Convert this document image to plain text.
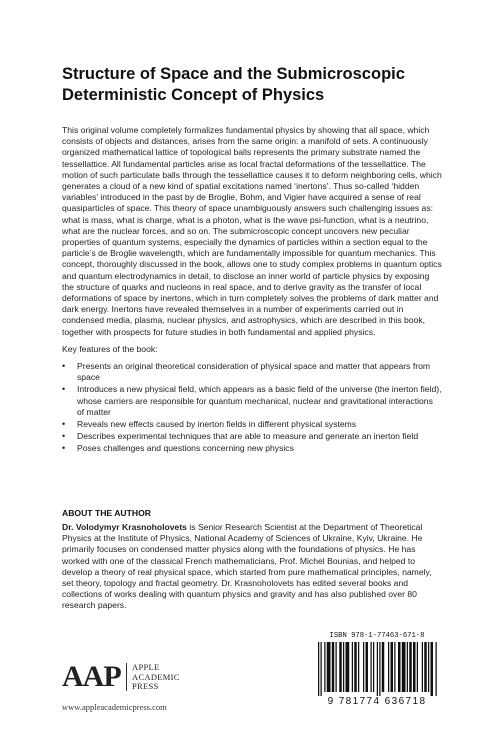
Structure of Space and the Submicroscopic Deterministic Concept of Physics

This original volume completely formalizes fundamental physics by showing that all space, which consists of objects and distances, arises from the same origin: a manifold of sets. A continuously organized mathematical lattice of topological balls represents the primary substrate named the tessellattice. All fundamental particles arise as local fractal deformations of the tessellattice. The motion of such particulate balls through the tessellattice causes it to deform neighboring cells, which generates a cloud of a new kind of spatial excitations named ‘inertons’. Thus so-called ‘hidden variables’ introduced in the past by de Broglie, Bohm, and Vigier have acquired a sense of real quasiparticles of space. This theory of space unambiguously answers such challenging issues as: what is mass, what is charge, what is a photon, what is the wave psi-function, what is a neutrino, what are the nuclear forces, and so on. The submicroscopic concept uncovers new peculiar properties of quantum systems, especially the dynamics of particles within a section equal to the particle’s de Broglie wavelength, which are fundamentally impossible for quantum mechanics. This concept, thoroughly discussed in the book, allows one to study complex problems in quantum optics and quantum electrodynamics in detail, to disclose an inner world of particle physics by exposing the structure of quarks and nucleons in real space, and to derive gravity as the transfer of local deformations of space by inertons, which in turn completely solves the problems of dark matter and dark energy. Inertons have revealed themselves in a number of experiments carried out in condensed media, plasma, nuclear physics, and astrophysics, which are described in this book, together with prospects for future studies in both fundamental and applied physics.

Key features of the book:

• Presents an original theoretical consideration of physical space and matter that appears from space
• Introduces a new physical field, which appears as a basic field of the universe (the inerton field), whose carriers are responsible for quantum mechanical, nuclear and gravitational interactions of matter
• Reveals new effects caused by inerton fields in different physical systems
• Describes experimental techniques that are able to measure and generate an inerton field
• Poses challenges and questions concerning new physics
ABOUT THE AUTHOR
Dr. Volodymyr Krasnoholovets is Senior Research Scientist at the Department of Theoretical Physics at the Institute of Physics, National Academy of Sciences of Ukraine, Kyiv, Ukraine. He primarily focuses on condensed matter physics along with the foundations of physics. He has worked with one of the classical French mathematicians, Prof. Michel Bounias, and helped to develop a theory of real physical space, which started from pure mathematical principles, namely, set theory, topology and fractal geometry. Dr. Krasnoholovets has edited several books and collections of works dealing with quantum physics and gravity and has also published over 80 research papers.
AAP APPLE
ACADEMIC
PRESS
www.appleacademicpress.com
ISBN 978-1-77463-671-8
9 781774 636718
